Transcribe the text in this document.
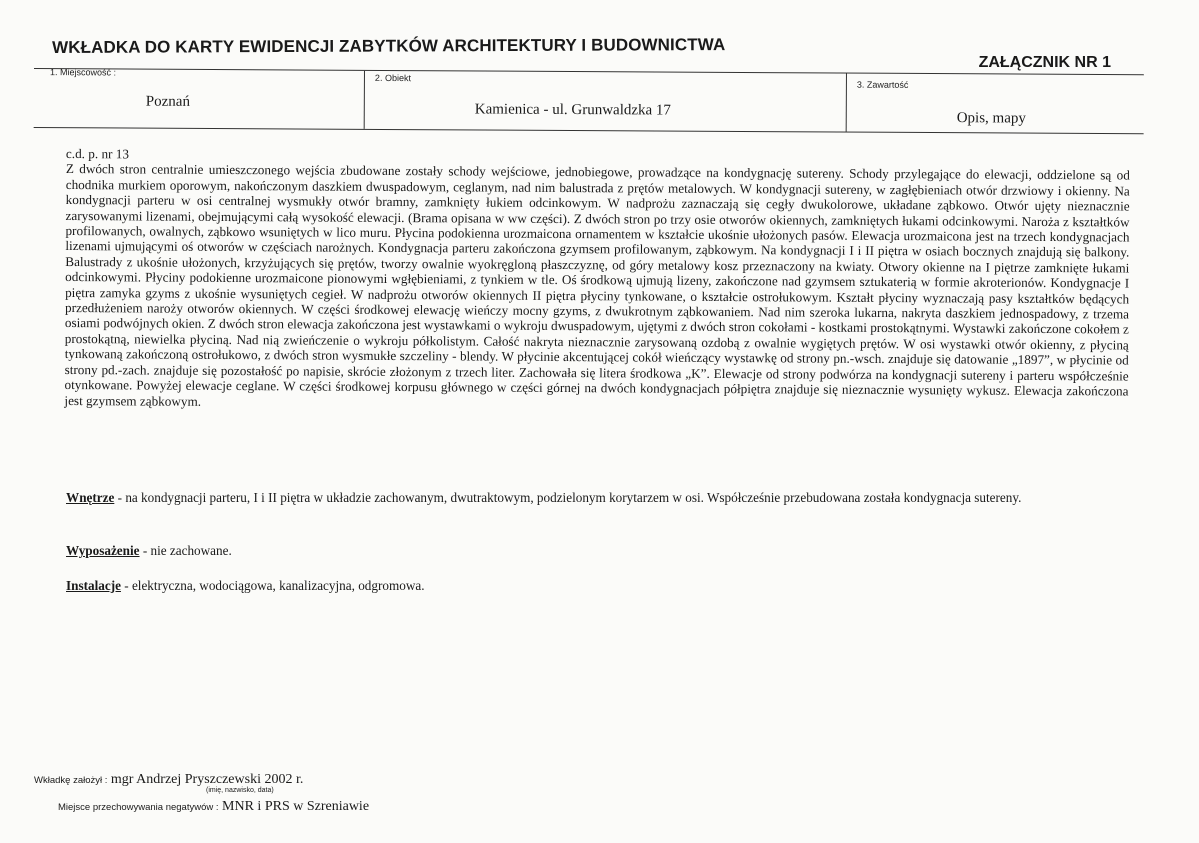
WKŁADKA DO KARTY EWIDENCJI ZABYTKÓW ARCHITEKTURY I BUDOWNICTWA
ZAŁĄCZNIK NR 1
1. Miejscowość :
Poznań
2. Obiekt
Kamienica - ul. Grunwaldzka 17
3. Zawartość
Opis, mapy

c.d. p. nr 13

Z dwóch stron centralnie umieszczonego wejścia zbudowane zostały schody wejściowe, jednobiegowe, prowadzące na kondygnację sutereny. Schody przylegające do elewacji, oddzielone są od chodnika murkiem oporowym, nakończonym daszkiem dwuspadowym, ceglanym, nad nim balustrada z prętów metalowych. W kondygnacji sutereny, w zagłębieniach otwór drzwiowy i okienny. Na kondygnacji parteru w osi centralnej wysmukły otwór bramny, zamknięty łukiem odcinkowym. W nadprożu zaznaczają się cegły dwukolorowe, układane ząbkowo. Otwór ujęty nieznacznie zarysowanymi lizenami, obejmującymi całą wysokość elewacji. (Brama opisana w ww części). Z dwóch stron po trzy osie otworów okiennych, zamkniętych łukami odcinkowymi. Naroża z kształtków profilowanych, owalnych, ząbkowo wsuniętych w lico muru. Płycina podokienna urozmaicona ornamentem w kształcie ukośnie ułożonych pasów. Elewacja urozmaicona jest na trzech kondygnacjach lizenami ujmującymi oś otworów w częściach narożnych. Kondygnacja parteru zakończona gzymsem profilowanym, ząbkowym. Na kondygnacji I i II piętra w osiach bocznych znajdują się balkony. Balustrady z ukośnie ułożonych, krzyżujących się prętów, tworzy owalnie wyokręgloną płaszczyznę, od góry metalowy kosz przeznaczony na kwiaty. Otwory okienne na I piętrze zamknięte łukami odcinkowymi. Płyciny podokienne urozmaicone pionowymi wgłębieniami, z tynkiem w tle. Oś środkową ujmują lizeny, zakończone nad gzymsem sztukaterią w formie akroterionów. Kondygnacje I piętra zamyka gzyms z ukośnie wysuniętych cegieł. W nadprożu otworów okiennych II piętra płyciny tynkowane, o kształcie ostrołukowym. Kształt płyciny wyznaczają pasy kształtków będących przedłużeniem naroży otworów okiennych. W części środkowej elewację wieńczy mocny gzyms, z dwukrotnym ząbkowaniem. Nad nim szeroka lukarna, nakryta daszkiem jednospadowy, z trzema osiami podwójnych okien. Z dwóch stron elewacja zakończona jest wystawkami o wykroju dwuspadowym, ujętymi z dwóch stron cokołami - kostkami prostokątnymi. Wystawki zakończone cokołem z prostokątną, niewielka płyciną. Nad nią zwieńczenie o wykroju półkolistym. Całość nakryta nieznacznie zarysowaną ozdobą z owalnie wygiętych prętów. W osi wystawki otwór okienny, z płyciną tynkowaną zakończoną ostrołukowo, z dwóch stron wysmukłe szczeliny - blendy. W płycinie akcentującej cokół wieńczący wystawkę od strony pn.-wsch. znajduje się datowanie „1897”, w płycinie od strony pd.-zach. znajduje się pozostałość po napisie, skrócie złożonym z trzech liter. Zachowała się litera środkowa „K”. Elewacje od strony podwórza na kondygnacji sutereny i parteru współcześnie otynkowane. Powyżej elewacje ceglane. W części środkowej korpusu głównego w części górnej na dwóch kondygnacjach półpiętra znajduje się nieznacznie wysunięty wykusz. Elewacja zakończona jest gzymsem ząbkowym.

Wnętrze - na kondygnacji parteru, I i II piętra w układzie zachowanym, dwutraktowym, podzielonym korytarzem w osi. Współcześnie przebudowana została kondygnacja sutereny.
Wyposażenie - nie zachowane.
Instalacje - elektryczna, wodociągowa, kanalizacyjna, odgromowa.
Wkładkę założył : mgr Andrzej Pryszczewski 2002 r.
(imię, nazwisko, data)
Miejsce przechowywania negatywów : MNR i PRS w Szreniawie
